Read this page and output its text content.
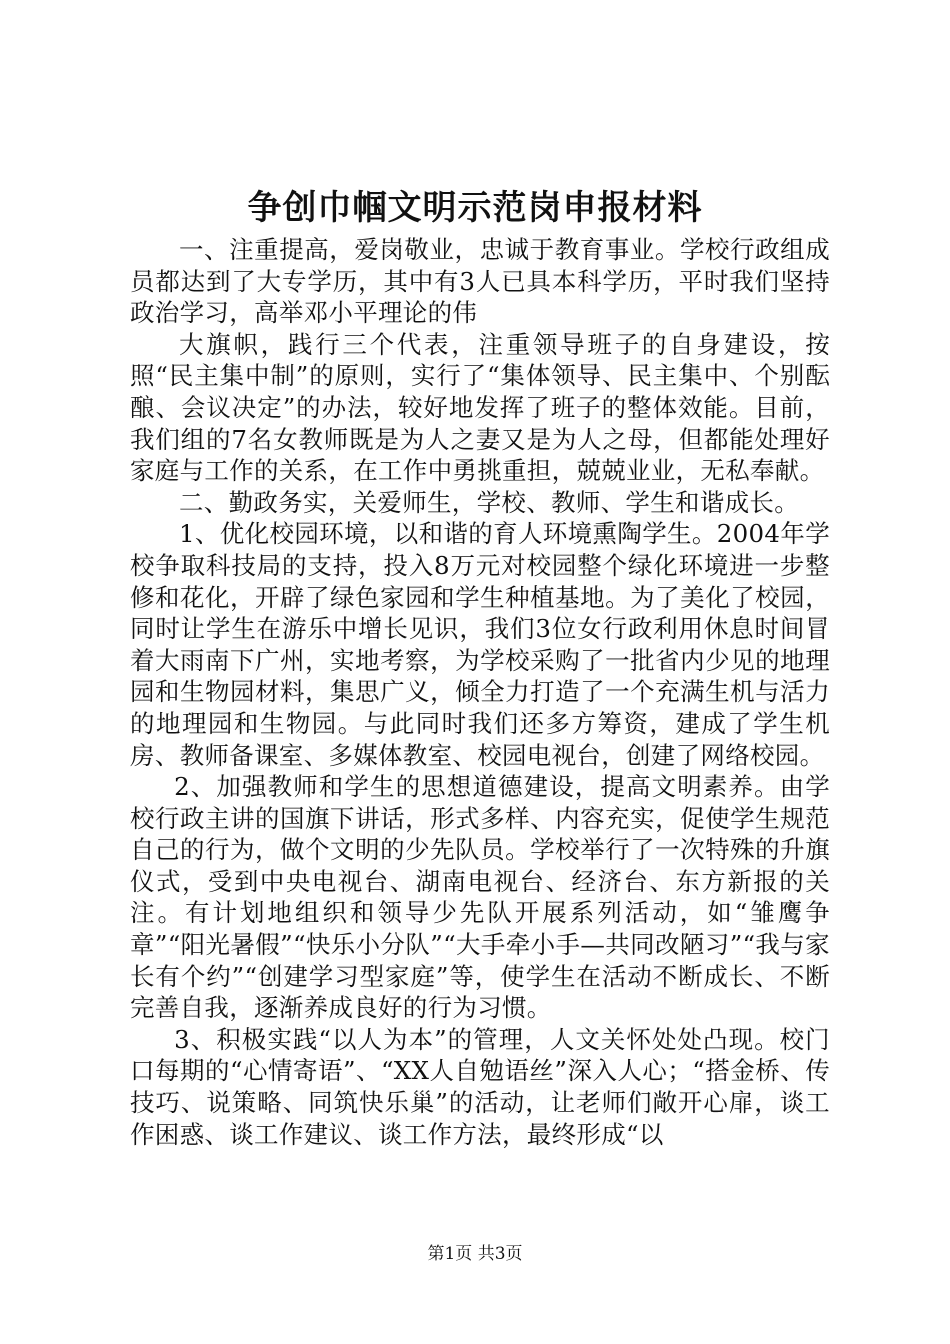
争创巾帼文明示范岗申报材料

一、注重提高，爱岗敬业，忠诚于教育事业。学校行政组成员都达到了大专学历，其中有3人已具本科学历，平时我们坚持政治学习，高举邓小平理论的伟

大旗帜，践行三个代表，注重领导班子的自身建设，按照“民主集中制”的原则，实行了“集体领导、民主集中、个别酝酿、会议决定”的办法，较好地发挥了班子的整体效能。目前，我们组的7名女教师既是为人之妻又是为人之母，但都能处理好家庭与工作的关系，在工作中勇挑重担，兢兢业业，无私奉献。

二、勤政务实，关爱师生，学校、教师、学生和谐成长。

1、优化校园环境，以和谐的育人环境熏陶学生。2004年学校争取科技局的支持，投入8万元对校园整个绿化环境进一步整修和花化，开辟了绿色家园和学生种植基地。为了美化了校园，同时让学生在游乐中增长见识，我们3位女行政利用休息时间冒着大雨南下广州，实地考察，为学校采购了一批省内少见的地理园和生物园材料，集思广义，倾全力打造了一个充满生机与活力的地理园和生物园。与此同时我们还多方筹资，建成了学生机房、教师备课室、多媒体教室、校园电视台，创建了网络校园。

2、加强教师和学生的思想道德建设，提高文明素养。由学校行政主讲的国旗下讲话，形式多样、内容充实，促使学生规范自己的行为，做个文明的少先队员。学校举行了一次特殊的升旗仪式，受到中央电视台、湖南电视台、经济台、东方新报的关注。有计划地组织和领导少先队开展系列活动，如“雏鹰争章”“阳光暑假”“快乐小分队”“大手牵小手—共同改陋习”“我与家长有个约”“创建学习型家庭”等，使学生在活动不断成长、不断完善自我，逐渐养成良好的行为习惯。

3、积极实践“以人为本”的管理，人文关怀处处凸现。校门口每期的“心情寄语”、“XX人自勉语丝”深入人心；“搭金桥、传技巧、说策略、同筑快乐巢”的活动，让老师们敞开心扉，谈工作困惑、谈工作建议、谈工作方法，最终形成“以

第1页 共3页
